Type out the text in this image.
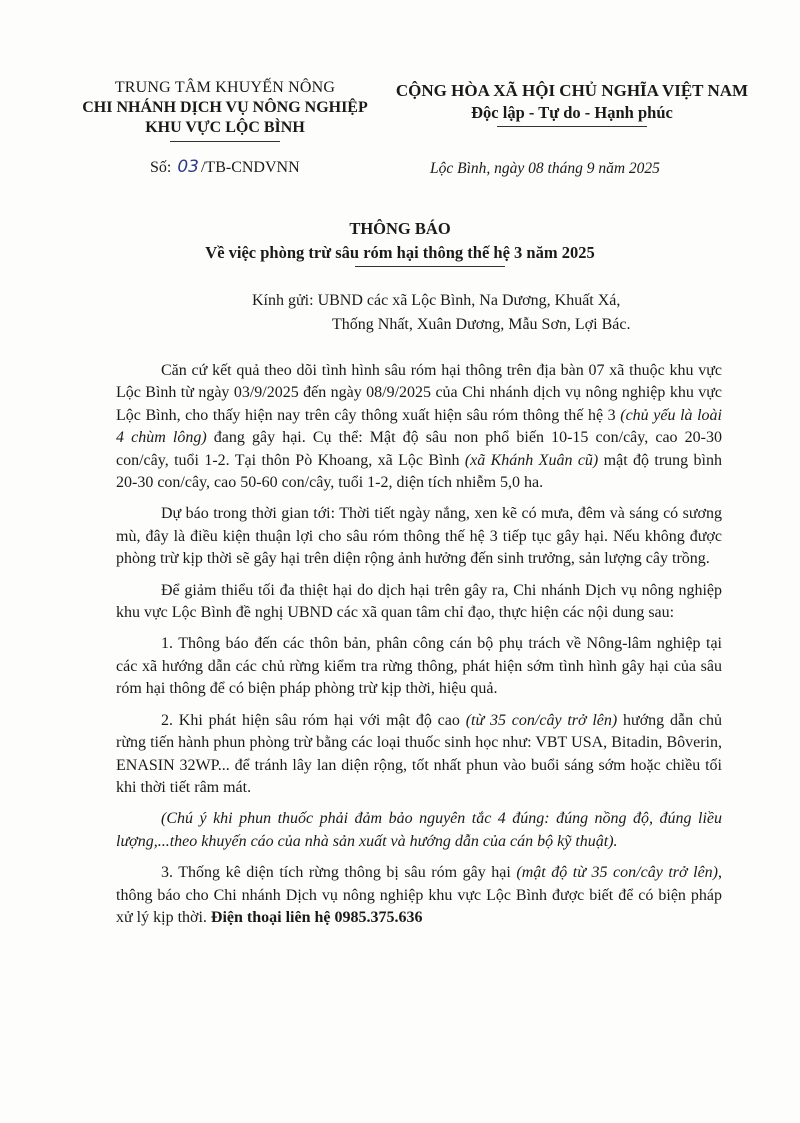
TRUNG TÂM KHUYẾN NÔNG
CHI NHÁNH DỊCH VỤ NÔNG NGHIỆP
KHU VỰC LỘC BÌNH
CỘNG HÒA XÃ HỘI CHỦ NGHĨA VIỆT NAM
Độc lập - Tự do - Hạnh phúc
Số: 03 /TB-CNDVNN	Lộc Bình, ngày 08 tháng 9 năm 2025
THÔNG BÁO
Về việc phòng trừ sâu róm hại thông thế hệ 3 năm 2025
Kính gửi: UBND các xã Lộc Bình, Na Dương, Khuất Xá,
Thống Nhất, Xuân Dương, Mẫu Sơn, Lợi Bác.

Căn cứ kết quả theo dõi tình hình sâu róm hại thông trên địa bàn 07 xã thuộc khu vực Lộc Bình từ ngày 03/9/2025 đến ngày 08/9/2025 của Chi nhánh dịch vụ nông nghiệp khu vực Lộc Bình, cho thấy hiện nay trên cây thông xuất hiện sâu róm thông thế hệ 3 (chủ yếu là loài 4 chùm lông) đang gây hại. Cụ thể: Mật độ sâu non phổ biến 10-15 con/cây, cao 20-30 con/cây, tuổi 1-2. Tại thôn Pò Khoang, xã Lộc Bình (xã Khánh Xuân cũ) mật độ trung bình 20-30 con/cây, cao 50-60 con/cây, tuổi 1-2, diện tích nhiễm 5,0 ha.

Dự báo trong thời gian tới: Thời tiết ngày nắng, xen kẽ có mưa, đêm và sáng có sương mù, đây là điều kiện thuận lợi cho sâu róm thông thế hệ 3 tiếp tục gây hại. Nếu không được phòng trừ kịp thời sẽ gây hại trên diện rộng ảnh hưởng đến sinh trưởng, sản lượng cây trồng.

Để giảm thiểu tối đa thiệt hại do dịch hại trên gây ra, Chi nhánh Dịch vụ nông nghiệp khu vực Lộc Bình đề nghị UBND các xã quan tâm chỉ đạo, thực hiện các nội dung sau:

1. Thông báo đến các thôn bản, phân công cán bộ phụ trách về Nông-lâm nghiệp tại các xã hướng dẫn các chủ rừng kiểm tra rừng thông, phát hiện sớm tình hình gây hại của sâu róm hại thông để có biện pháp phòng trừ kịp thời, hiệu quả.

2. Khi phát hiện sâu róm hại với mật độ cao (từ 35 con/cây trở lên) hướng dẫn chủ rừng tiến hành phun phòng trừ bằng các loại thuốc sinh học như: VBT USA, Bitadin, Bôverin, ENASIN 32WP... để tránh lây lan diện rộng, tốt nhất phun vào buổi sáng sớm hoặc chiều tối khi thời tiết râm mát.

(Chú ý khi phun thuốc phải đảm bảo nguyên tắc 4 đúng: đúng nồng độ, đúng liều lượng,...theo khuyến cáo của nhà sản xuất và hướng dẫn của cán bộ kỹ thuật).

3. Thống kê diện tích rừng thông bị sâu róm gây hại (mật độ từ 35 con/cây trở lên), thông báo cho Chi nhánh Dịch vụ nông nghiệp khu vực Lộc Bình được biết để có biện pháp xử lý kịp thời. Điện thoại liên hệ 0985.375.636
